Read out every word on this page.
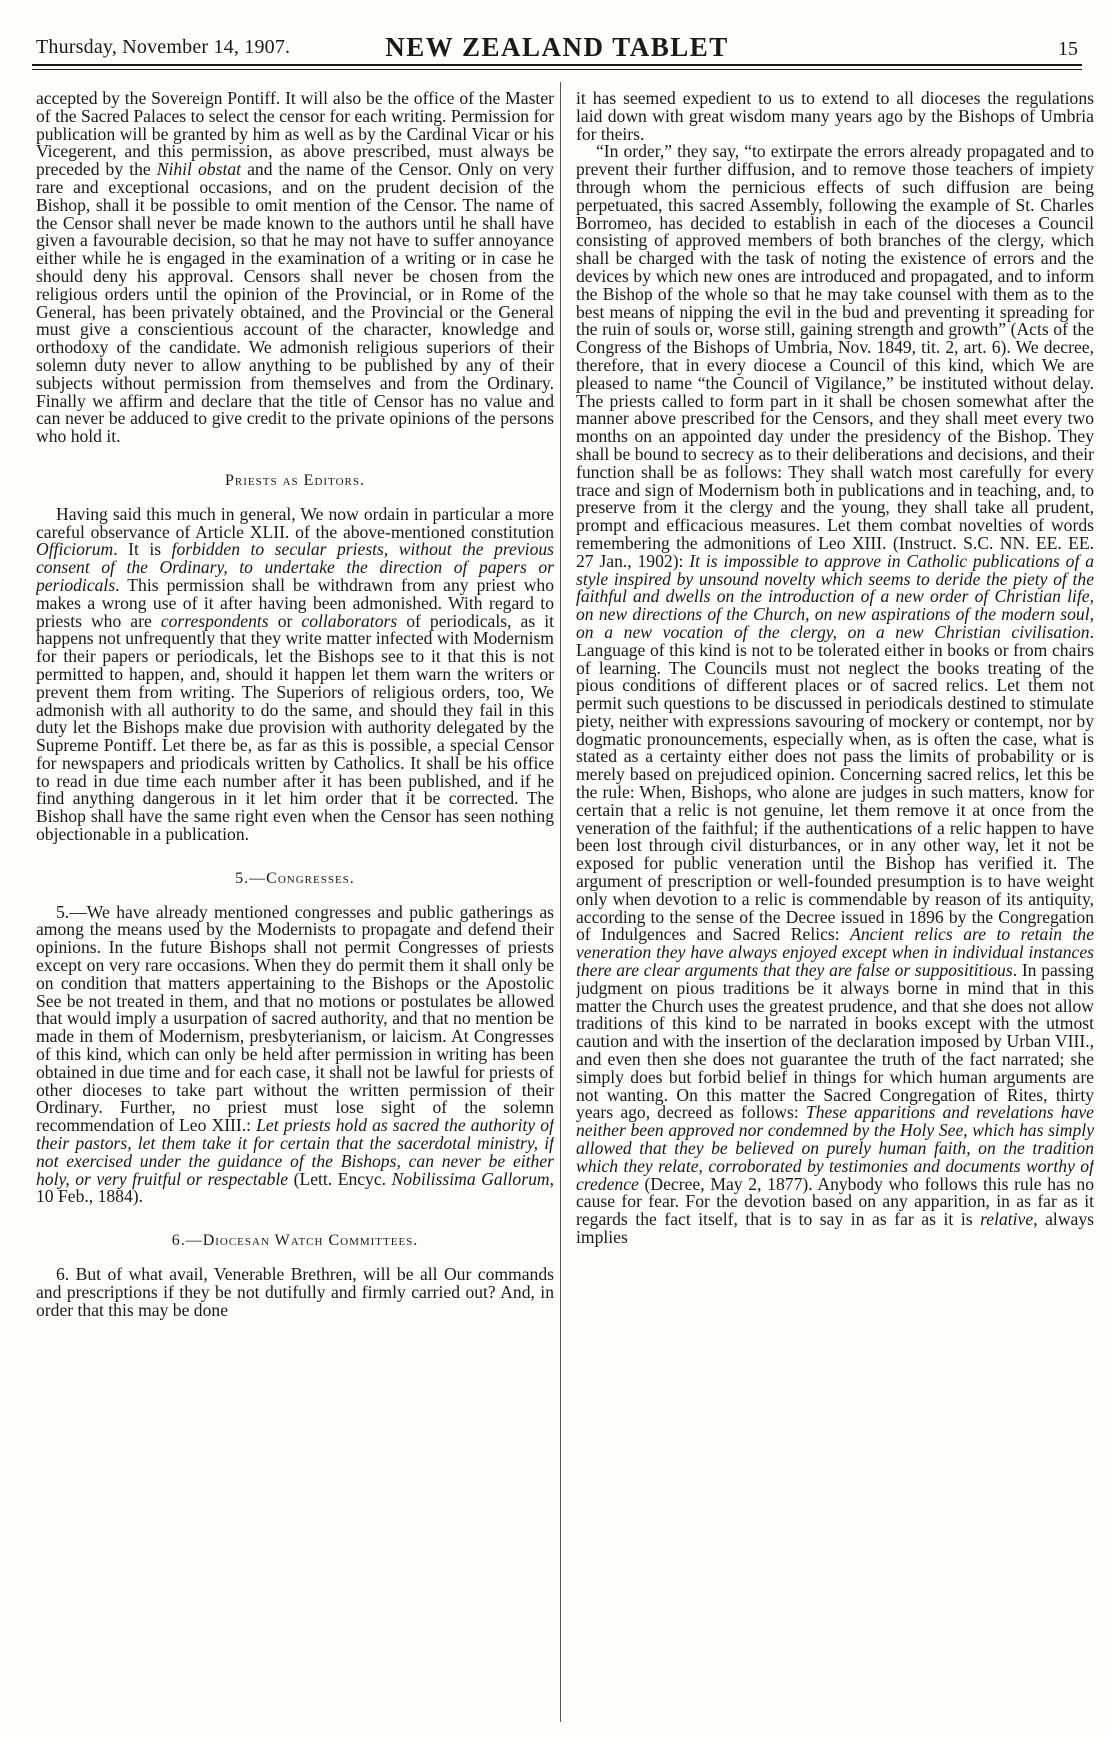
Thursday, November 14, 1907.	NEW ZEALAND TABLET	15

accepted by the Sovereign Pontiff. It will also be the office of the Master of the Sacred Palaces to select the censor for each writing. Permission for publication will be granted by him as well as by the Cardinal Vicar or his Vicegerent, and this permission, as above prescribed, must always be preceded by the Nihil obstat and the name of the Censor. Only on very rare and exceptional occasions, and on the prudent decision of the Bishop, shall it be possible to omit mention of the Censor. The name of the Censor shall never be made known to the authors until he shall have given a favourable decision, so that he may not have to suffer annoyance either while he is engaged in the examination of a writing or in case he should deny his approval. Censors shall never be chosen from the religious orders until the opinion of the Provincial, or in Rome of the General, has been privately obtained, and the Provincial or the General must give a conscientious account of the character, knowledge and orthodoxy of the candidate. We admonish religious superiors of their solemn duty never to allow anything to be published by any of their subjects without permission from themselves and from the Ordinary. Finally we affirm and declare that the title of Censor has no value and can never be adduced to give credit to the private opinions of the persons who hold it.

Priests as Editors.

Having said this much in general, We now ordain in particular a more careful observance of Article XLII. of the above-mentioned constitution Officiorum. It is forbidden to secular priests, without the previous consent of the Ordinary, to undertake the direction of papers or periodicals. This permission shall be withdrawn from any priest who makes a wrong use of it after having been admonished. With regard to priests who are correspondents or collaborators of periodicals, as it happens not unfrequently that they write matter infected with Modernism for their papers or periodicals, let the Bishops see to it that this is not permitted to happen, and, should it happen let them warn the writers or prevent them from writing. The Superiors of religious orders, too, We admonish with all authority to do the same, and should they fail in this duty let the Bishops make due provision with authority delegated by the Supreme Pontiff. Let there be, as far as this is possible, a special Censor for newspapers and priodicals written by Catholics. It shall be his office to read in due time each number after it has been published, and if he find anything dangerous in it let him order that it be corrected. The Bishop shall have the same right even when the Censor has seen nothing objectionable in a publication.

5.—Congresses.

5.—We have already mentioned congresses and public gatherings as among the means used by the Modernists to propagate and defend their opinions. In the future Bishops shall not permit Congresses of priests except on very rare occasions. When they do permit them it shall only be on condition that matters appertaining to the Bishops or the Apostolic See be not treated in them, and that no motions or postulates be allowed that would imply a usurpation of sacred authority, and that no mention be made in them of Modernism, presbyterianism, or laicism. At Congresses of this kind, which can only be held after permission in writing has been obtained in due time and for each case, it shall not be lawful for priests of other dioceses to take part without the written permission of their Ordinary. Further, no priest must lose sight of the solemn recommendation of Leo XIII.: Let priests hold as sacred the authority of their pastors, let them take it for certain that the sacerdotal ministry, if not exercised under the guidance of the Bishops, can never be either holy, or very fruitful or respectable (Lett. Encyc. Nobilissima Gallorum, 10 Feb., 1884).

6.—Diocesan Watch Committees.

6. But of what avail, Venerable Brethren, will be all Our commands and prescriptions if they be not dutifully and firmly carried out? And, in order that this may be done

it has seemed expedient to us to extend to all dioceses the regulations laid down with great wisdom many years ago by the Bishops of Umbria for theirs.

“In order,” they say, “to extirpate the errors already propagated and to prevent their further diffusion, and to remove those teachers of impiety through whom the pernicious effects of such diffusion are being perpetuated, this sacred Assembly, following the example of St. Charles Borromeo, has decided to establish in each of the dioceses a Council consisting of approved members of both branches of the clergy, which shall be charged with the task of noting the existence of errors and the devices by which new ones are introduced and propagated, and to inform the Bishop of the whole so that he may take counsel with them as to the best means of nipping the evil in the bud and preventing it spreading for the ruin of souls or, worse still, gaining strength and growth” (Acts of the Congress of the Bishops of Umbria, Nov. 1849, tit. 2, art. 6). We decree, therefore, that in every diocese a Council of this kind, which We are pleased to name “the Council of Vigilance,” be instituted without delay. The priests called to form part in it shall be chosen somewhat after the manner above prescribed for the Censors, and they shall meet every two months on an appointed day under the presidency of the Bishop. They shall be bound to secrecy as to their deliberations and decisions, and their function shall be as follows: They shall watch most carefully for every trace and sign of Modernism both in publications and in teaching, and, to preserve from it the clergy and the young, they shall take all prudent, prompt and efficacious measures. Let them combat novelties of words remembering the admonitions of Leo XIII. (Instruct. S.C. NN. EE. EE. 27 Jan., 1902): It is impossible to approve in Catholic publications of a style inspired by unsound novelty which seems to deride the piety of the faithful and dwells on the introduction of a new order of Christian life, on new directions of the Church, on new aspirations of the modern soul, on a new vocation of the clergy, on a new Christian civilisation. Language of this kind is not to be tolerated either in books or from chairs of learning. The Councils must not neglect the books treating of the pious conditions of different places or of sacred relics. Let them not permit such questions to be discussed in periodicals destined to stimulate piety, neither with expressions savouring of mockery or contempt, nor by dogmatic pronouncements, especially when, as is often the case, what is stated as a certainty either does not pass the limits of probability or is merely based on prejudiced opinion. Concerning sacred relics, let this be the rule: When, Bishops, who alone are judges in such matters, know for certain that a relic is not genuine, let them remove it at once from the veneration of the faithful; if the authentications of a relic happen to have been lost through civil disturbances, or in any other way, let it not be exposed for public veneration until the Bishop has verified it. The argument of prescription or well-founded presumption is to have weight only when devotion to a relic is commendable by reason of its antiquity, according to the sense of the Decree issued in 1896 by the Congregation of Indulgences and Sacred Relics: Ancient relics are to retain the veneration they have always enjoyed except when in individual instances there are clear arguments that they are false or supposititious. In passing judgment on pious traditions be it always borne in mind that in this matter the Church uses the greatest prudence, and that she does not allow traditions of this kind to be narrated in books except with the utmost caution and with the insertion of the declaration imposed by Urban VIII., and even then she does not guarantee the truth of the fact narrated; she simply does but forbid belief in things for which human arguments are not wanting. On this matter the Sacred Congregation of Rites, thirty years ago, decreed as follows: These apparitions and revelations have neither been approved nor condemned by the Holy See, which has simply allowed that they be believed on purely human faith, on the tradition which they relate, corroborated by testimonies and documents worthy of credence (Decree, May 2, 1877). Anybody who follows this rule has no cause for fear. For the devotion based on any apparition, in as far as it regards the fact itself, that is to say in as far as it is relative, always implies
